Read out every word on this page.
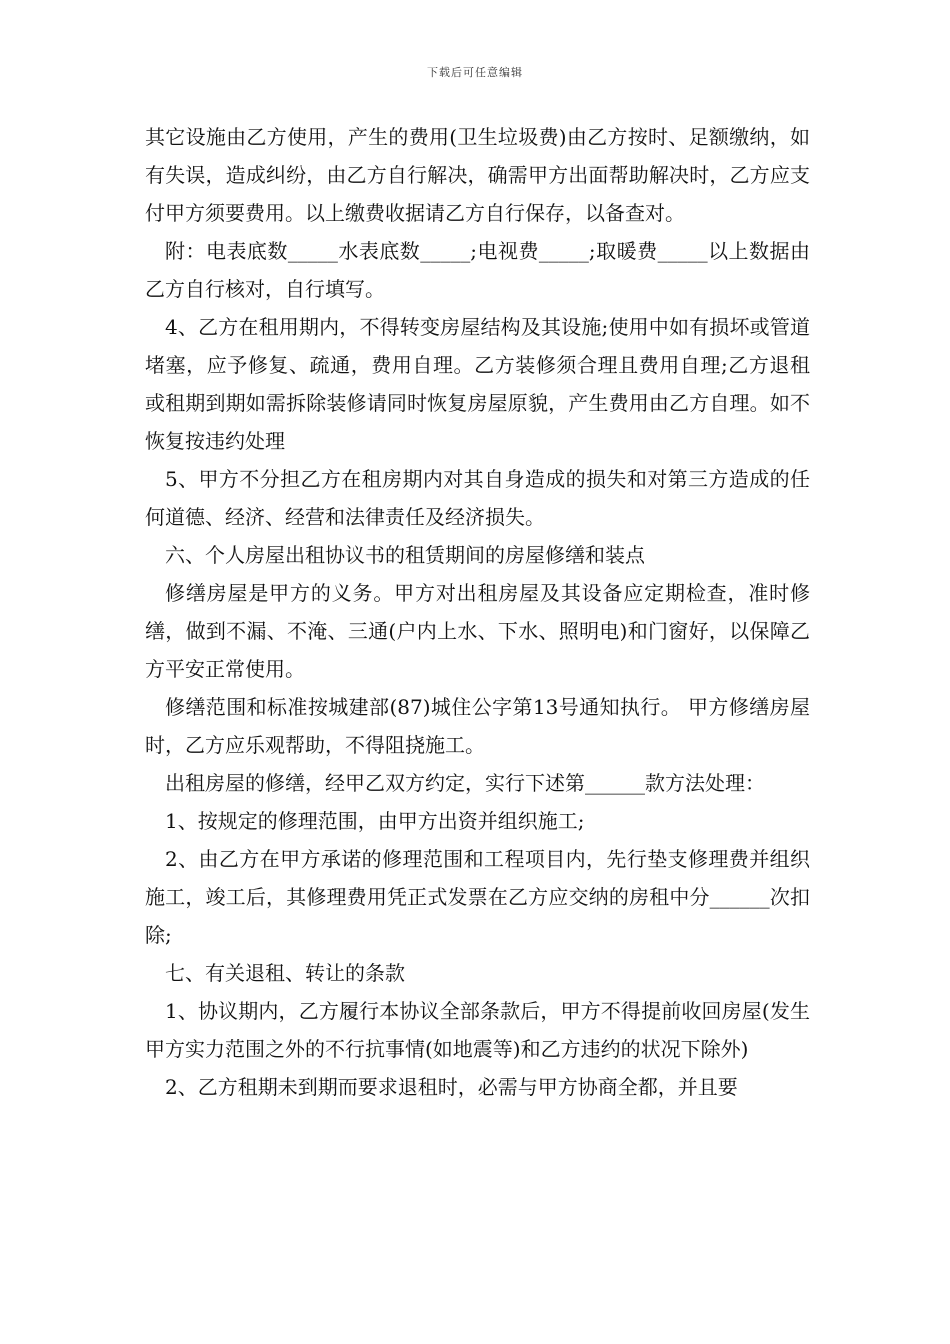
下载后可任意编辑

其它设施由乙方使用，产生的费用(卫生垃圾费)由乙方按时、足额缴纳，如有失误，造成纠纷，由乙方自行解决，确需甲方出面帮助解决时，乙方应支付甲方须要费用。以上缴费收据请乙方自行保存，以备查对。

附：电表底数_____水表底数_____;电视费_____;取暖费_____以上数据由乙方自行核对，自行填写。

4、乙方在租用期内，不得转变房屋结构及其设施;使用中如有损坏或管道堵塞，应予修复、疏通，费用自理。乙方装修须合理且费用自理;乙方退租或租期到期如需拆除装修请同时恢复房屋原貌，产生费用由乙方自理。如不恢复按违约处理

5、甲方不分担乙方在租房期内对其自身造成的损失和对第三方造成的任何道德、经济、经营和法律责任及经济损失。

六、个人房屋出租协议书的租赁期间的房屋修缮和装点

修缮房屋是甲方的义务。甲方对出租房屋及其设备应定期检查，准时修缮，做到不漏、不淹、三通(户内上水、下水、照明电)和门窗好，以保障乙方平安正常使用。

修缮范围和标准按城建部(87)城住公字第13号通知执行。 甲方修缮房屋时，乙方应乐观帮助，不得阻挠施工。

出租房屋的修缮，经甲乙双方约定，实行下述第______款方法处理：

1、按规定的修理范围，由甲方出资并组织施工;

2、由乙方在甲方承诺的修理范围和工程项目内，先行垫支修理费并组织施工，竣工后，其修理费用凭正式发票在乙方应交纳的房租中分______次扣除;

七、有关退租、转让的条款

1、协议期内，乙方履行本协议全部条款后，甲方不得提前收回房屋(发生甲方实力范围之外的不行抗事情(如地震等)和乙方违约的状况下除外)

2、乙方租期未到期而要求退租时，必需与甲方协商全都，并且要
